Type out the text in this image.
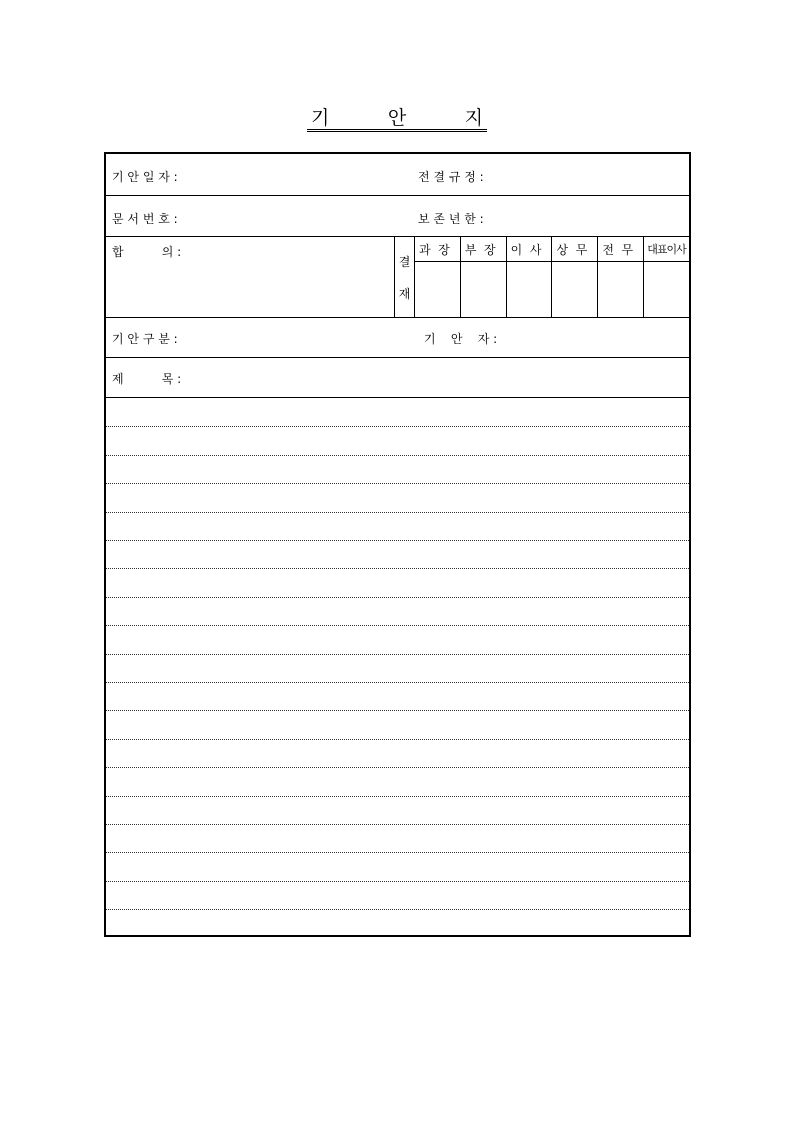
기	안	지
기 안 일 자 :	전 결 규 정 :
문 서 번 호 :	보 존 년 한 :
합          의 :
결
재
과  장	부  장	이  사	상  무	전  무	대표이사
기 안 구 분 :	기    안    자 :
제          목 :
